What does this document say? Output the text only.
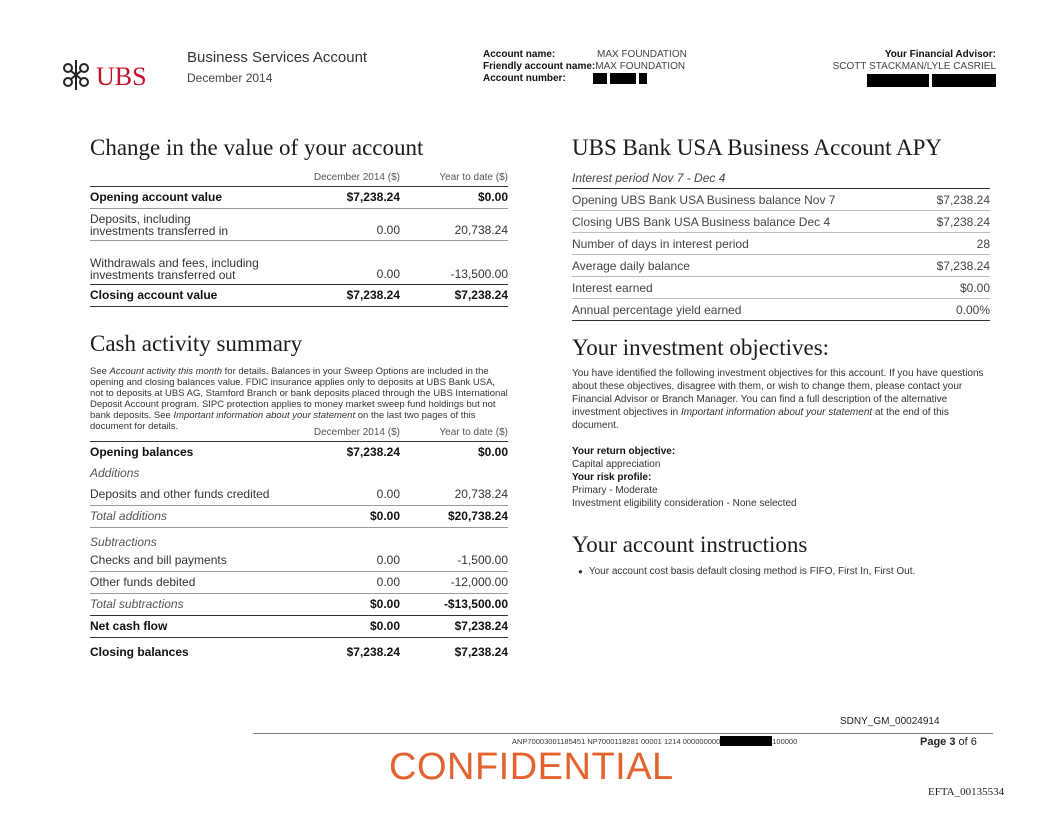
UBS
Business Services Account
December 2014
Account name:	MAX FOUNDATION
Friendly account name:MAX FOUNDATION
Account number:
Your Financial Advisor:
SCOTT STACKMAN/LYLE CASRIEL

Change in the value of your account
	December 2014 ($)	Year to date ($)
Opening account value	$7,238.24	$0.00
Deposits, including investments transferred in	0.00	20,738.24
Withdrawals and fees, including investments transferred out	0.00	-13,500.00
Closing account value	$7,238.24	$7,238.24
Cash activity summary
See Account activity this month for details. Balances in your Sweep Options are included in the opening and closing balances value. FDIC insurance applies only to deposits at UBS Bank USA, not to deposits at UBS AG, Stamford Branch or bank deposits placed through the UBS International Deposit Account program. SIPC protection applies to money market sweep fund holdings but not bank deposits. See Important information about your statement on the last two pages of this document for details.
	December 2014 ($)	Year to date ($)
Opening balances	$7,238.24	$0.00
Additions		
Deposits and other funds credited	0.00	20,738.24
Total additions	$0.00	$20,738.24
Subtractions		
Checks and bill payments	0.00	-1,500.00
Other funds debited	0.00	-12,000.00
Total subtractions	$0.00	-$13,500.00
Net cash flow	$0.00	$7,238.24
Closing balances	$7,238.24	$7,238.24
UBS Bank USA Business Account APY
Interest period Nov 7 - Dec 4
Opening UBS Bank USA Business balance Nov 7	$7,238.24
Closing UBS Bank USA Business balance Dec 4	$7,238.24
Number of days in interest period	28
Average daily balance	$7,238.24
Interest earned	$0.00
Annual percentage yield earned	0.00%
Your investment objectives:
You have identified the following investment objectives for this account. If you have questions about these objectives, disagree with them, or wish to change them, please contact your Financial Advisor or Branch Manager. You can find a full description of the alternative investment objectives in Important information about your statement at the end of this document.
Your return objective:
Capital appreciation
Your risk profile:
Primary - Moderate
Investment eligibility consideration - None selected
Your account instructions
● Your account cost basis default closing method is FIFO, First In, First Out.
SDNY_GM_00024914
ANP70003001185451 NP7000118281 00001 1214 000000000	100000	Page 3 of 6
CONFIDENTIAL
EFTA_00135534
